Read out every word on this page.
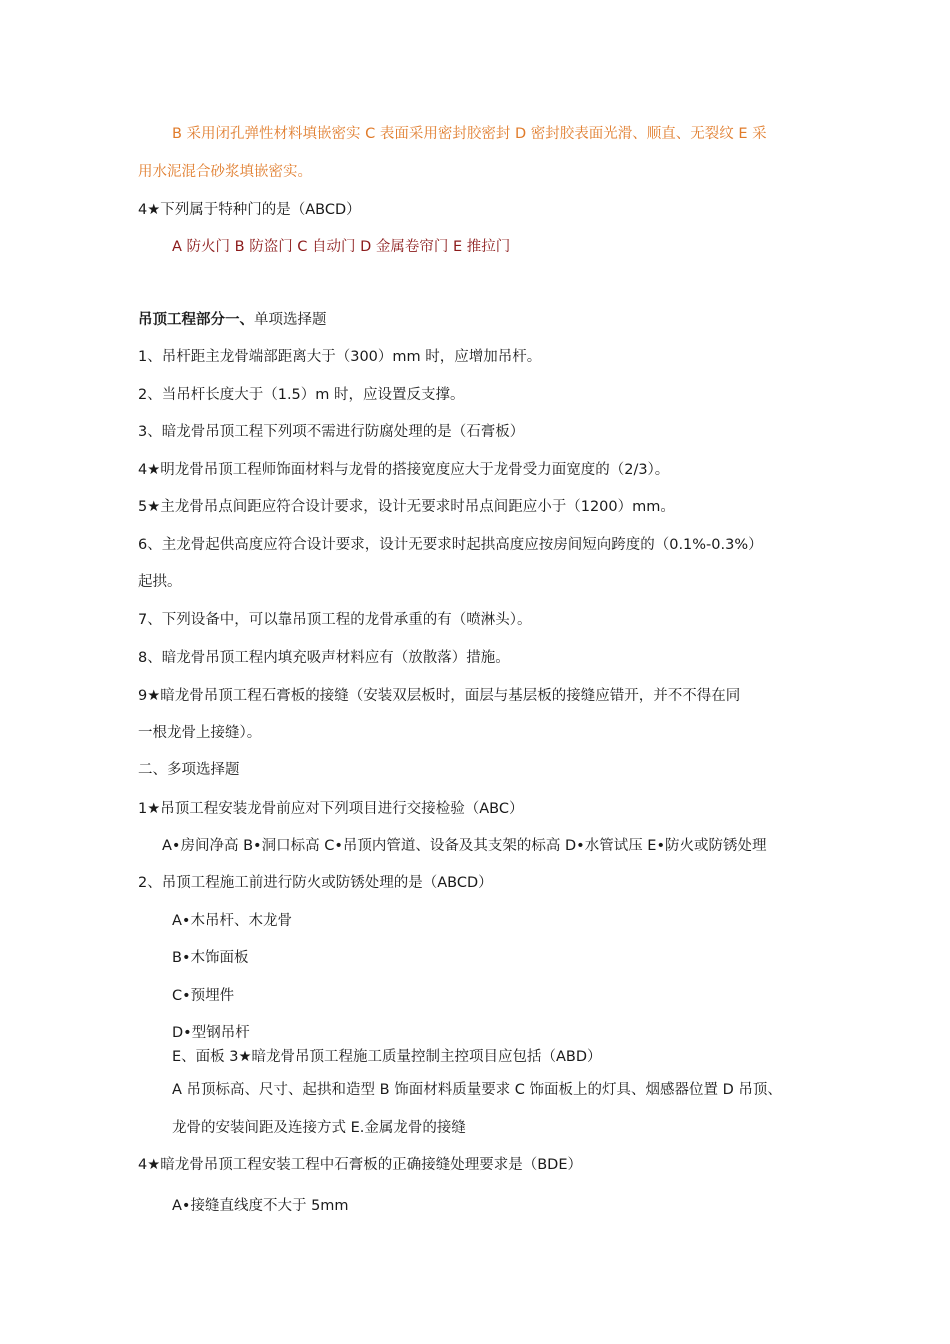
B 采用闭孔弹性材料填嵌密实 C 表面采用密封胶密封 D 密封胶表面光滑、顺直、无裂纹 E 采
用水泥混合砂浆填嵌密实。
4★下列属于特种门的是（ABCD）
A 防火门 B 防盗门 C 自动门 D 金属卷帘门 E 推拉门
吊顶工程部分一、单项选择题
1、吊杆距主龙骨端部距离大于（300）mm 时，应增加吊杆。
2、当吊杆长度大于（1.5）m 时，应设置反支撑。
3、暗龙骨吊顶工程下列项不需进行防腐处理的是（石膏板）
4★明龙骨吊顶工程师饰面材料与龙骨的搭接宽度应大于龙骨受力面宽度的（2/3）。
5★主龙骨吊点间距应符合设计要求，设计无要求时吊点间距应小于（1200）mm。
6、主龙骨起供高度应符合设计要求，设计无要求时起拱高度应按房间短向跨度的（0.1%-0.3%）
起拱。
7、下列设备中，可以靠吊顶工程的龙骨承重的有（喷淋头）。
8、暗龙骨吊顶工程内填充吸声材料应有（放散落）措施。
9★暗龙骨吊顶工程石膏板的接缝（安装双层板时，面层与基层板的接缝应错开，并不不得在同
一根龙骨上接缝）。
二、多项选择题
1★吊顶工程安装龙骨前应对下列项目进行交接检验（ABC）
A•房间净高 B•洞口标高 C•吊顶内管道、设备及其支架的标高 D•水管试压 E•防火或防锈处理
2、吊顶工程施工前进行防火或防锈处理的是（ABCD）
A•木吊杆、木龙骨
B•木饰面板
C•预埋件
D•型钢吊杆
E、面板 3★暗龙骨吊顶工程施工质量控制主控项目应包括（ABD）
A 吊顶标高、尺寸、起拱和造型 B 饰面材料质量要求 C 饰面板上的灯具、烟感器位置 D 吊顶、
龙骨的安装间距及连接方式 E.金属龙骨的接缝
4★暗龙骨吊顶工程安装工程中石膏板的正确接缝处理要求是（BDE）
A•接缝直线度不大于 5mm
